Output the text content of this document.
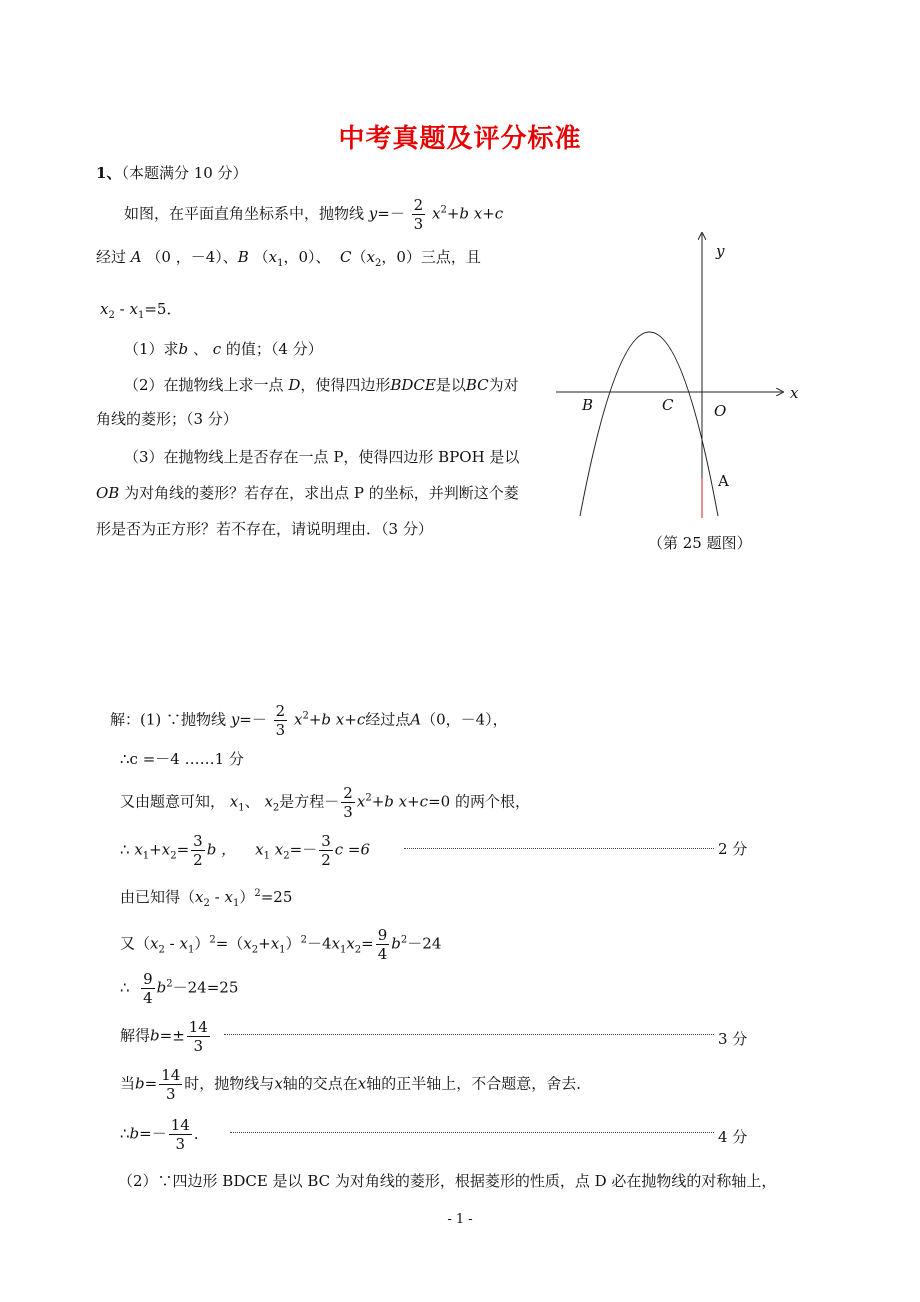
中考真题及评分标准
1、（本题满分 10 分）
如图，在平面直角坐标系中，抛物线 $y=- \frac{2}{3} x^2+b$ x+c
经过 A （0 ，－4）、B （$x_1$，0）、 $C(x_2$，0）三点，且
$x_2 - x_1=5$．
（1）求b 、 c 的值；（4 分）
（2）在抛物线上求一点 D，使得四边形BDCE是以BC为对
角线的菱形；（3 分）
（3）在抛物线上是否存在一点 P，使得四边形 BPOH 是以
OB 为对角线的菱形？若存在，求出点 P 的坐标，并判断这个菱
形是否为正方形？若不存在，请说明理由．（3 分）
y
x
B	C	O
A
（第 25 题图）
解：(1) ∵抛物线 $y=- \frac{2}{3} x^2+b$ x+c经过点A（0，－4），
∴c =－4 ……1 分
又由题意可知， $x_1$、 $x_2$是方程－ $\frac{2}{3} x^2+b$ x+c=0 的两个根，
∴ $x_1+x_2= \frac{3}{2}$ b ， $x_1$ $x_2=- \frac{3}{2}$ c =6	2 分
由已知得$(x_2 - x_1)^2=25$
又$(x_2 - x_1)^2=(x_2+x_1)^2-4x_1x_2= \frac{9}{4} b^2-24$
∴ $\frac{9}{4} b^2-24=25$
解得$b=\pm \frac{14}{3}$	3 分
当$b= \frac{14}{3}$ 时，抛物线与x轴的交点在x轴的正半轴上，不合题意，舍去．
∴b=－ $\frac{14}{3}$ ．	4 分
（2）∵四边形 BDCE 是以 BC 为对角线的菱形，根据菱形的性质，点 D 必在抛物线的对称轴上，
- 1 -
